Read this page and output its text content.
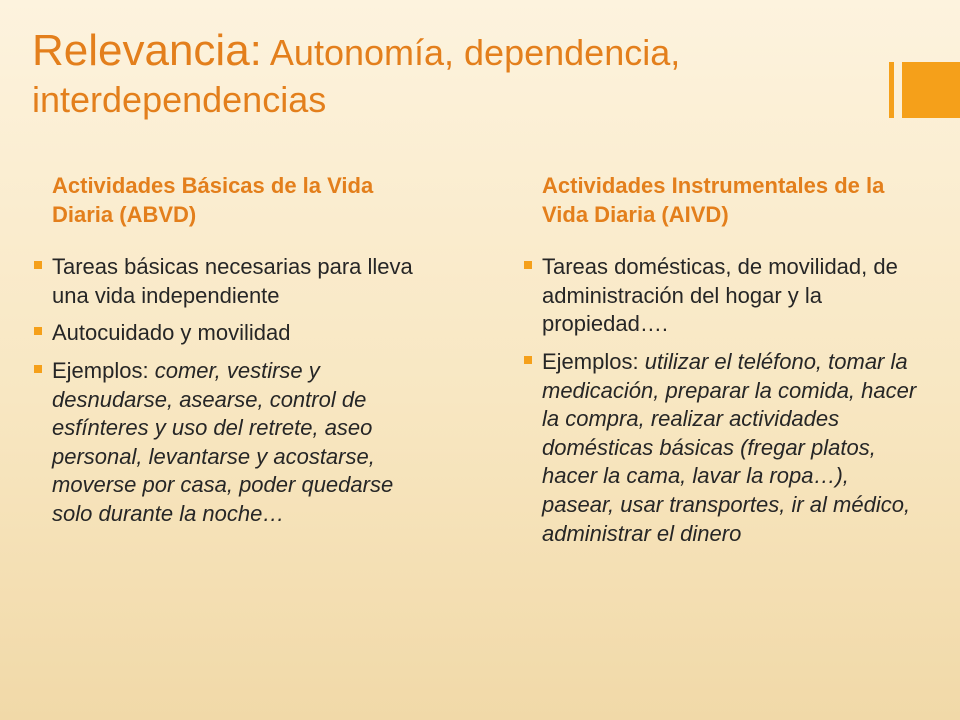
Relevancia: Autonomía, dependencia, interdependencias
Actividades Básicas de la Vida Diaria (ABVD)
Tareas básicas necesarias para lleva una vida independiente
Autocuidado y movilidad
Ejemplos: comer, vestirse y desnudarse, asearse, control de esfínteres y uso del retrete, aseo personal, levantarse y acostarse, moverse por casa, poder quedarse solo durante la noche…
Actividades Instrumentales de la Vida Diaria (AIVD)
Tareas domésticas, de movilidad, de administración del hogar y la propiedad….
Ejemplos: utilizar el teléfono, tomar la medicación, preparar la comida, hacer la compra, realizar actividades domésticas básicas (fregar platos, hacer la cama, lavar la ropa…), pasear, usar transportes, ir al médico, administrar el dinero
